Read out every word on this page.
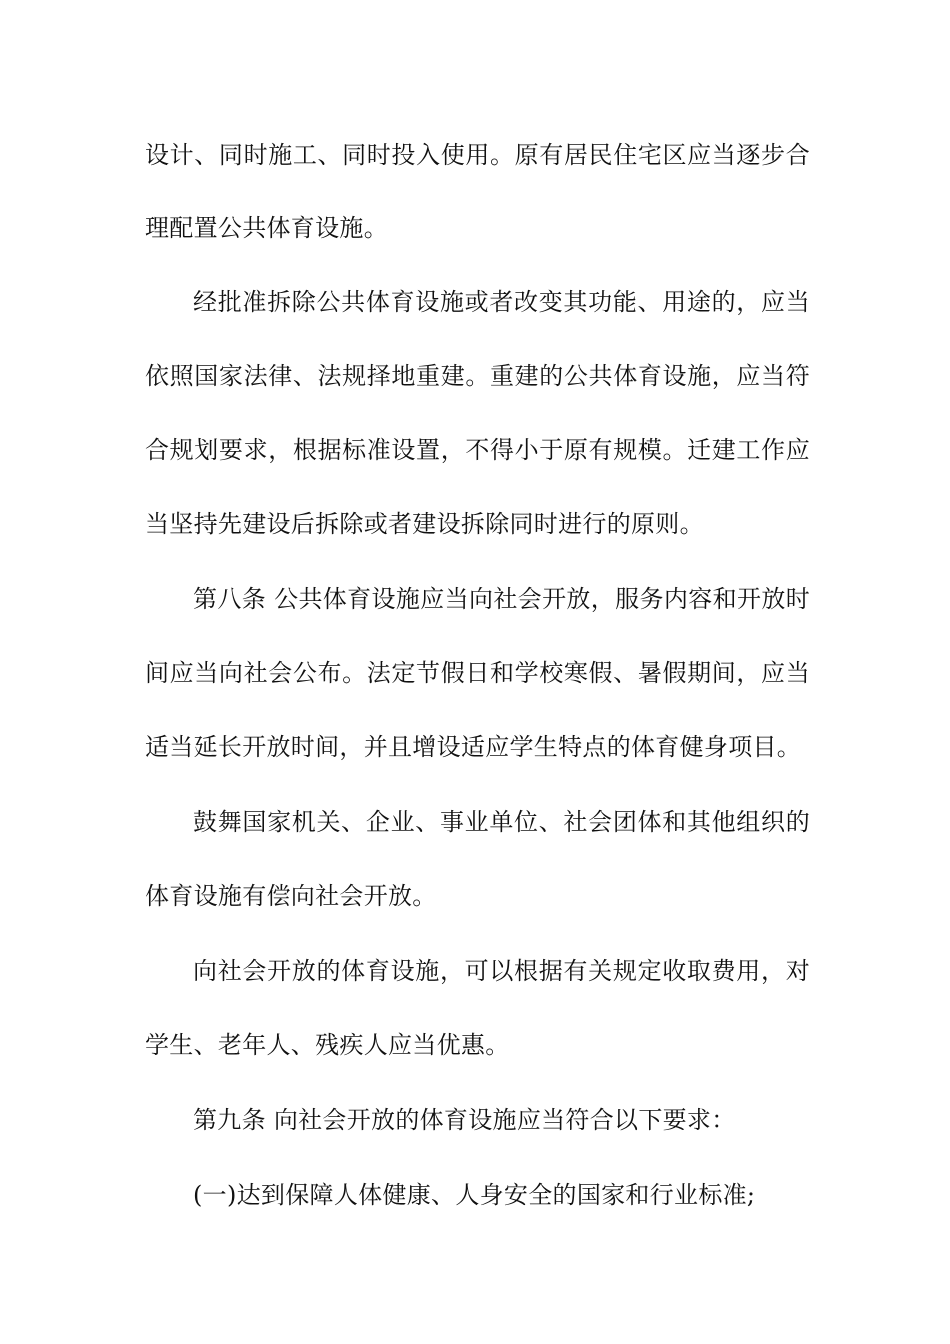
设计、同时施工、同时投入使用。原有居民住宅区应当逐步合
理配置公共体育设施。
经批准拆除公共体育设施或者改变其功能、用途的，应当
依照国家法律、法规择地重建。重建的公共体育设施，应当符
合规划要求，根据标准设置，不得小于原有规模。迁建工作应
当坚持先建设后拆除或者建设拆除同时进行的原则。
第八条 公共体育设施应当向社会开放，服务内容和开放时
间应当向社会公布。法定节假日和学校寒假、暑假期间，应当
适当延长开放时间，并且增设适应学生特点的体育健身项目。
鼓舞国家机关、企业、事业单位、社会团体和其他组织的
体育设施有偿向社会开放。
向社会开放的体育设施，可以根据有关规定收取费用，对
学生、老年人、残疾人应当优惠。
第九条 向社会开放的体育设施应当符合以下要求：
(一)达到保障人体健康、人身安全的国家和行业标准;
